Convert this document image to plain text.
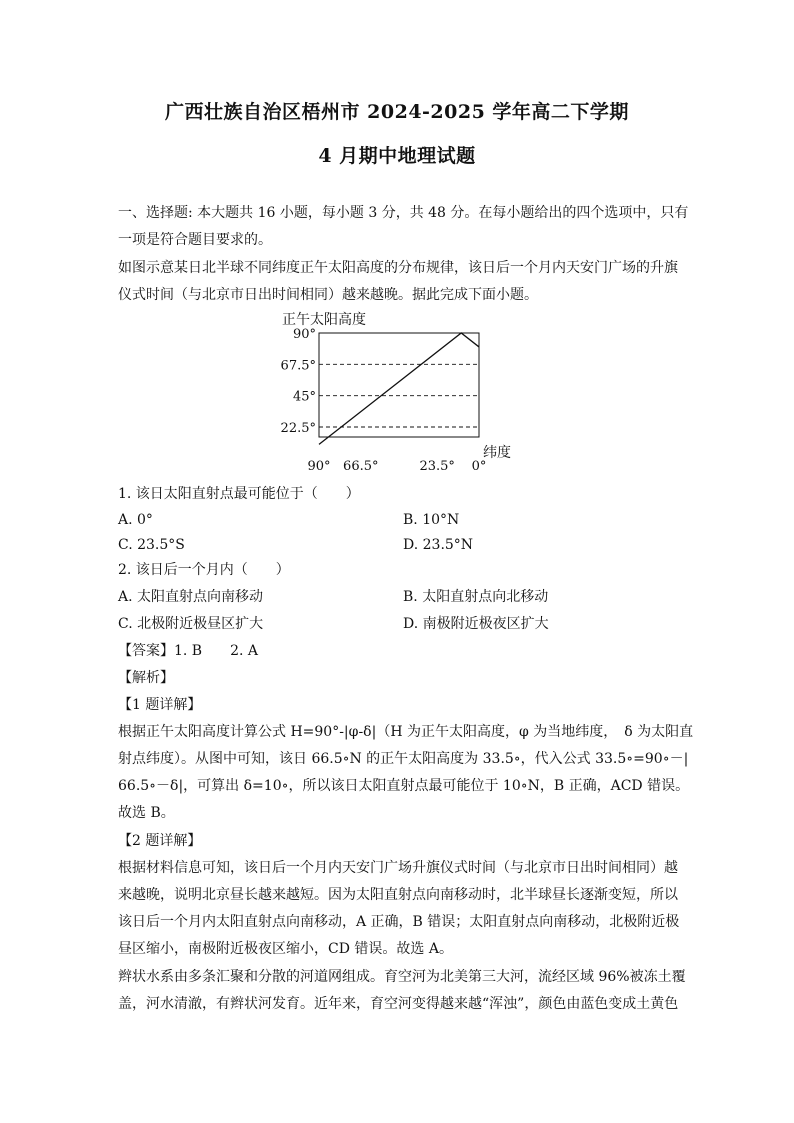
广西壮族自治区梧州市 2024-2025 学年高二下学期
4 月期中地理试题
一、选择题: 本大题共 16 小题，每小题 3 分，共 48 分。在每小题给出的四个选项中，只有
一项是符合题目要求的。
如图示意某日北半球不同纬度正午太阳高度的分布规律，该日后一个月内天安门广场的升旗
仪式时间（与北京市日出时间相同）越来越晚。据此完成下面小题。
正午太阳高度
90°
67.5°
45°
22.5°
90° 66.5°	23.5° 0°
纬度
1. 该日太阳直射点最可能位于（　　）
A. 0°	B. 10°N
C. 23.5°S	D. 23.5°N
2. 该日后一个月内（　　）
A. 太阳直射点向南移动	B. 太阳直射点向北移动
C. 北极附近极昼区扩大	D. 南极附近极夜区扩大
【答案】1. B　　2. A
【解析】
【1 题详解】
根据正午太阳高度计算公式 H=90°-|φ-δ|（H 为正午太阳高度，φ 为当地纬度，　δ 为太阳直
射点纬度）。从图中可知，该日 66.5∘N 的正午太阳高度为 33.5∘，代入公式 33.5∘=90∘－|
66.5∘－δ|，可算出 δ=10∘，所以该日太阳直射点最可能位于 10∘N，B 正确，ACD 错误。
故选 B。
【2 题详解】
根据材料信息可知，该日后一个月内天安门广场升旗仪式时间（与北京市日出时间相同）越
来越晚，说明北京昼长越来越短。因为太阳直射点向南移动时，北半球昼长逐渐变短，所以
该日后一个月内太阳直射点向南移动，A 正确，B 错误；太阳直射点向南移动，北极附近极
昼区缩小，南极附近极夜区缩小，CD 错误。故选 A。
辫状水系由多条汇聚和分散的河道网组成。育空河为北美第三大河，流经区域 96%被冻土覆
盖，河水清澈，有辫状河发育。近年来，育空河变得越来越“浑浊”，颜色由蓝色变成土黄色
